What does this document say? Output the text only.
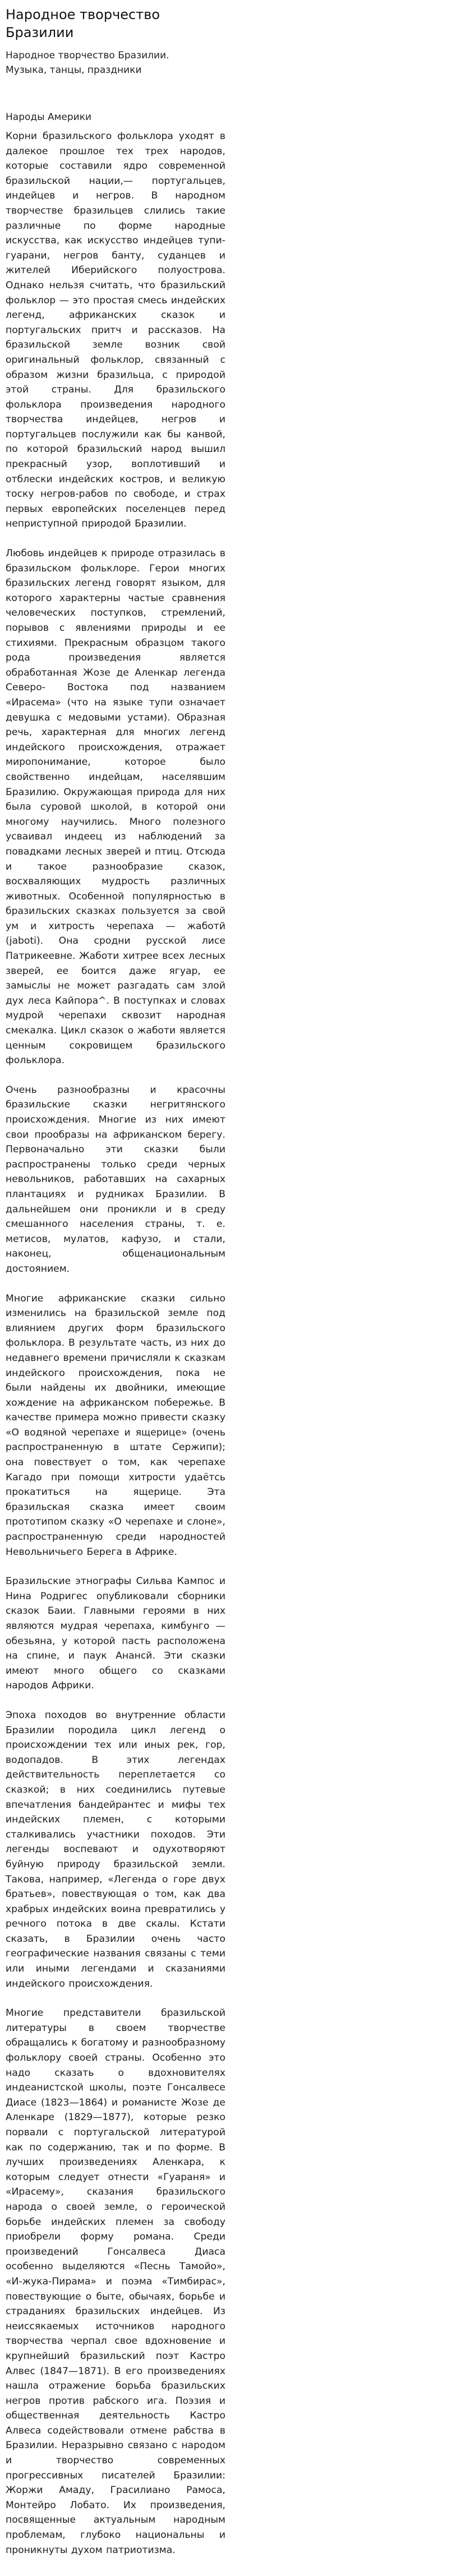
Народное творчество Бразилии

Народное творчество Бразилии.

Музыка, танцы, праздники

Народы Америки

Корни бразильского фольклора уходят в далекое прошлое тех трех народов, которые составили ядро современной бразильской нации,— португальцев, индейцев и негров. В народном творчестве бразильцев слились такие различные по форме народные искусства, как искусство индейцев тупи-гуарани, негров банту, суданцев и жителей Иберийского полуострова. Однако нельзя считать, что бразильский фольклор — это простая смесь индейских легенд, африканских сказок и португальских притч и рассказов. На бразильской земле возник свой оригинальный фольклор, связанный с образом жизни бразильца, с природой этой страны. Для бразильского фольклора произведения народного творчества индейцев, негров и португальцев послужили как бы канвой, по которой бразильский народ вышил прекрасный узор, воплотивший и отблески индейских костров, и великую тоску негров-рабов по свободе, и страх первых европейских поселенцев перед неприступной природой Бразилии.

Любовь индейцев к природе отразилась в бразильском фольклоре. Герои многих бразильских легенд говорят языком, для которого характерны частые сравнения человеческих поступков, стремлений, порывов с явлениями природы и ее стихиями. Прекрасным образцом такого рода произведения является обработанная Жозе де Аленкар легенда Северо- Востока под названием «Ирасема» (что на языке тупи означает девушка с медовыми устами). Образная речь, характерная для многих легенд индейского происхождения, отражает миропонимание, которое было свойственно индейцам, населявшим Бразилию. Окружающая природа для них была суровой школой, в которой они многому научились. Много полезного усваивал индеец из наблюдений за повадками лесных зверей и птиц. Отсюда и такое разнообразие сказок, восхваляющих мудрость различных животных. Особенной популярностью в бразильских сказках пользуется за свой ум и хитрость черепаха — жаботй (jaboti). Она сродни русской лисе Патрикеевне. Жаботи хитрее всех лесных зверей, ее боится даже ягуар, ее замыслы не может разгадать сам злой дух леса Кайпора^. В поступках и словах мудрой черепахи сквозит народная смекалка. Цикл сказок о жаботи является ценным сокровищем бразильского фольклора.

Очень разнообразны и красочны бразильские сказки негритянского происхождения. Многие из них имеют свои прообразы на африканском берегу. Первоначально эти сказки были распространены только среди черных невольников, работавших на сахарных плантациях и рудниках Бразилии. В дальнейшем они проникли и в среду смешанного населения страны, т. е. метисов, мулатов, кафузо, и стали, наконец, общенациональным достоянием.

Многие африканские сказки сильно изменились на бразильской земле под влиянием других форм бразильского фольклора. В результате часть, из них до недавнего времени причисляли к сказкам индейского происхождения, пока не были найдены их двойники, имеющие хождение на африканском побережье. В качестве примера можно привести сказку «О водяной черепахе и ящерице» (очень распространенную в штате Сержипи); она повествует о том, как черепахе Кагадо при помощи хитрости удаётсь прокатиться на ящерице. Эта бразильская сказка имеет своим прототипом сказку «О черепахе и слоне», распространенную среди народностей Невольничьего Берега в Африке.

Бразильские этнографы Сильва Кампос и Нина Родригес опубликовали сборники сказок Баии. Главными героями в них являются мудрая черепаха, кимбунго — обезьяна, у которой пасть расположена на спине, и паук Анансй. Эти сказки имеют много общего со сказками народов Африки.

Эпоха походов во внутренние области Бразилии породила цикл легенд о происхождении тех или иных рек, гор, водопадов. В этих легендах действительность переплетается со сказкой; в них соединились путевые впечатления бандейрантес и мифы тех индейских племен, с которыми сталкивались участники походов. Эти легенды воспевают и одухотворяют буйную природу бразильской земли. Такова, например, «Легенда о горе двух братьев», повествующая о том, как два храбрых индейских воина превратились у речного потока в две скалы. Кстати сказать, в Бразилии очень часто географические названия связаны с теми или иными легендами и сказаниями индейского происхождения.

Многие представители бразильской литературы в своем творчестве обращались к богатому и разнообразному фольклору своей страны. Особенно это надо сказать о вдохновителях индеанистской школы, поэте Гонсалвесе Диасе (1823—1864) и романисте Жозе де Аленкаре (1829—1877), которые резко порвали с португальской литературой как по содержанию, так и по форме. В лучших произведениях Аленкара, к которым следует отнести «Гуараня» и «Ирасему», сказания бразильского народа о своей земле, о героической борьбе индейских племен за свободу приобрели форму романа. Среди произведений Гонсалвеса Диаса особенно выделяются «Песнь Тамойо», «И-жука-Пирама» и поэма «Тимбирас», повествующие о быте, обычаях, борьбе и страданиях бразильских индейцев. Из неиссякаемых источников народного творчества черпал свое вдохновение и крупнейший бразильский поэт Кастро Алвес (1847—1871). В его произведениях нашла отражение борьба бразильских негров против рабского ига. Поэзия и общественная деятельность Кастро Алвеса содействовали отмене рабства в Бразилии. Неразрывно связано с народом и творчество современных прогрессивных писателей Бразилии: Жоржи Амаду, Грасилиано Рамоса, Монтейро Лобато. Их произведения, посвященные актуальным народным проблемам, глубоко национальны и проникнуты духом патриотизма.
